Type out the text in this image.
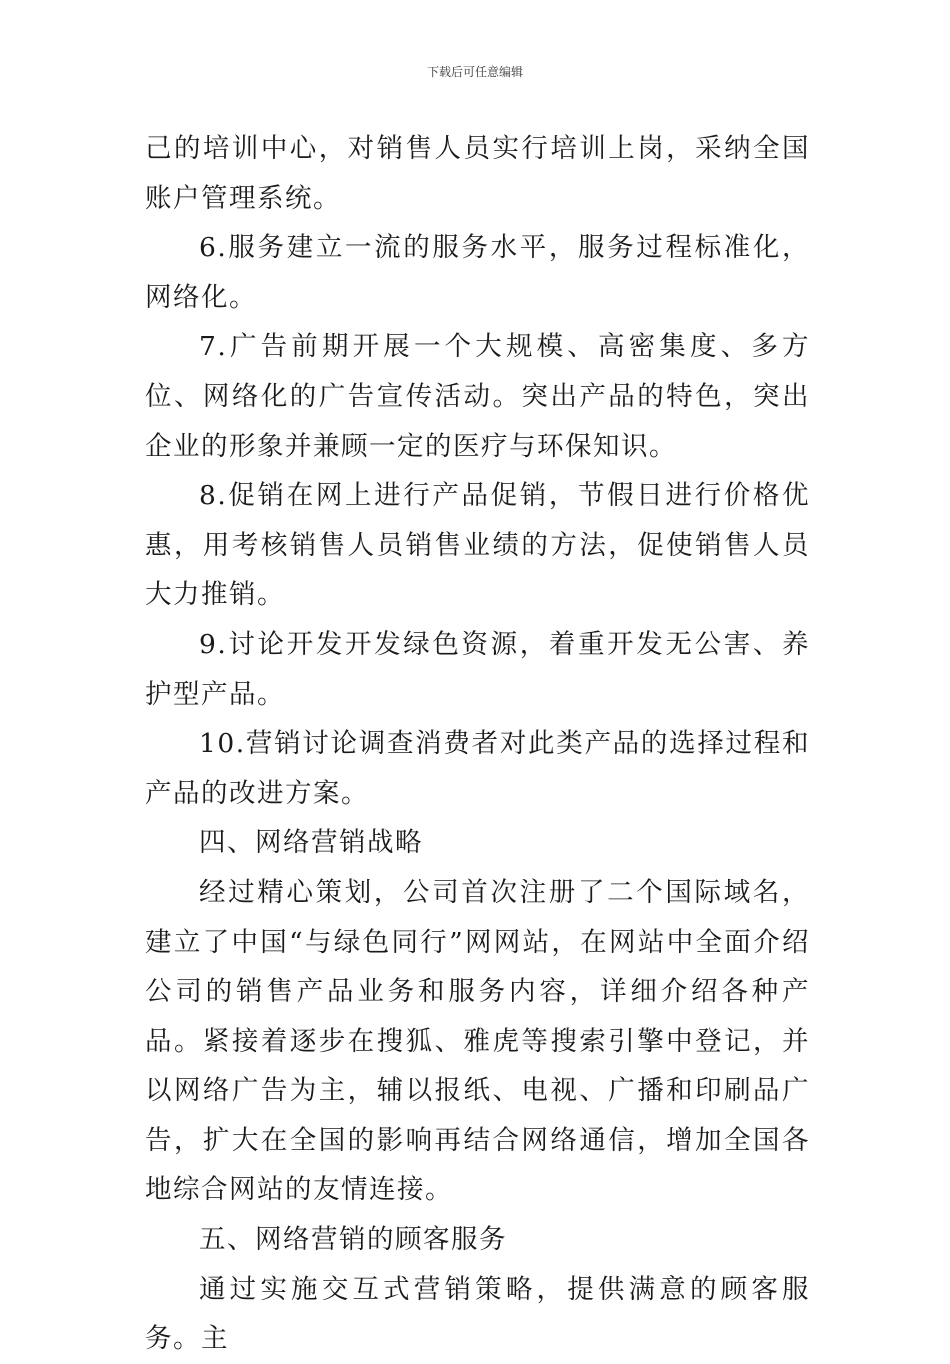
下载后可任意编辑

己的培训中心，对销售人员实行培训上岗，采纳全国账户管理系统。

6.服务建立一流的服务水平，服务过程标准化，网络化。

7.广告前期开展一个大规模、高密集度、多方位、网络化的广告宣传活动。突出产品的特色，突出企业的形象并兼顾一定的医疗与环保知识。

8.促销在网上进行产品促销，节假日进行价格优惠，用考核销售人员销售业绩的方法，促使销售人员大力推销。

9.讨论开发开发绿色资源，着重开发无公害、养护型产品。

10.营销讨论调查消费者对此类产品的选择过程和产品的改进方案。

四、网络营销战略

经过精心策划，公司首次注册了二个国际域名，建立了中国“与绿色同行”网网站，在网站中全面介绍公司的销售产品业务和服务内容，详细介绍各种产品。紧接着逐步在搜狐、雅虎等搜索引擎中登记，并以网络广告为主，辅以报纸、电视、广播和印刷品广告，扩大在全国的影响再结合网络通信，增加全国各地综合网站的友情连接。

五、网络营销的顾客服务

通过实施交互式营销策略，提供满意的顾客服务。主
